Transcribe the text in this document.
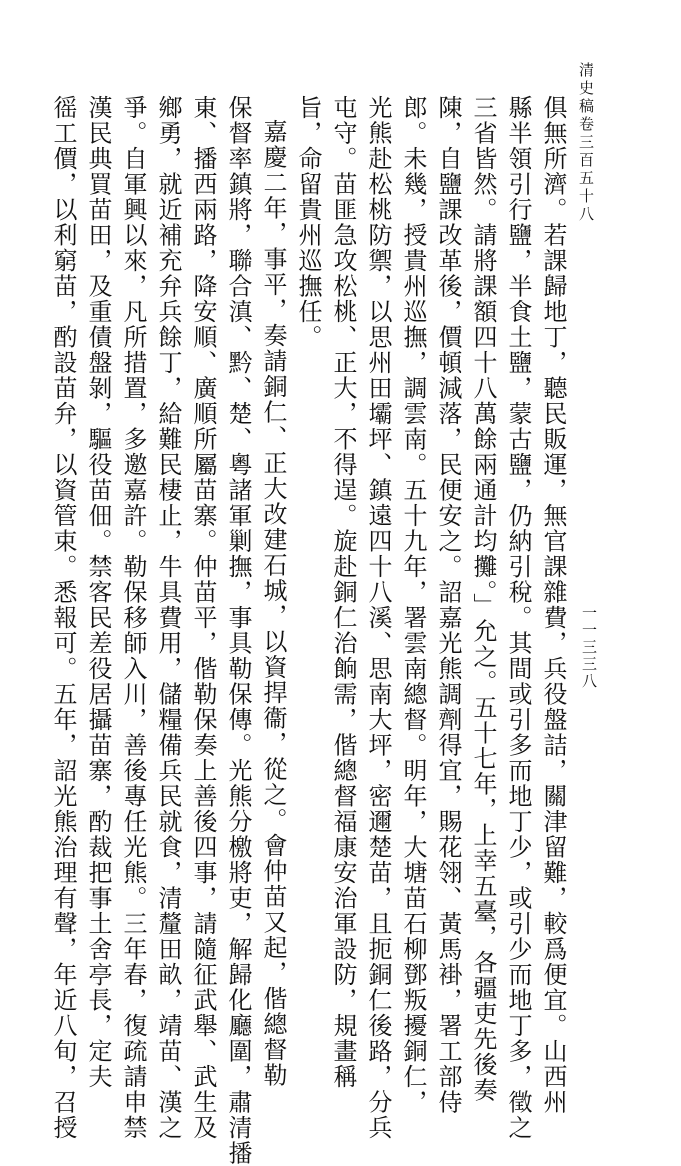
清史稿卷三百五十八
一一三三八
俱無所濟。若課歸地丁，聽民販運，無官課雜費，兵役盤詰，關津留難，較爲便宜。山西州
縣半領引行鹽，半食土鹽，蒙古鹽，仍納引稅。其間或引多而地丁少，或引少而地丁多，徵之
三省皆然。請將課額四十八萬餘兩通計均攤。」允之。五十七年，上幸五臺，各疆吏先後奏
陳，自鹽課改革後，價頓減落，民便安之。詔嘉光熊調劑得宜，賜花翎、黃馬褂，署工部侍
郎。未幾，授貴州巡撫，調雲南。五十九年，署雲南總督。明年，大塘苗石柳鄧叛擾銅仁，
光熊赴松桃防禦，以思州田壩坪、鎮遠四十八溪、思南大坪，密邇楚苗，且扼銅仁後路，分兵
屯守。苗匪急攻松桃、正大，不得逞。旋赴銅仁治餉需，偕總督福康安治軍設防，規畫稱
旨，命留貴州巡撫任。
嘉慶二年，事平，奏請銅仁、正大改建石城，以資捍衞，從之。會仲苗又起，偕總督勒
保督率鎮將，聯合滇、黔、楚、粵諸軍剿撫，事具勒保傳。光熊分檄將吏，解歸化廳圍，肅清播
東、播西兩路，降安順、廣順所屬苗寨。仲苗平，偕勒保奏上善後四事，請隨征武舉、武生及
鄉勇，就近補充弁兵餘丁，給難民棲止，牛具費用，儲糧備兵民就食，清釐田畝，靖苗、漢之
爭。自軍興以來，凡所措置，多邀嘉許。勒保移師入川，善後專任光熊。三年春，復疏請申禁
漢民典買苗田，及重債盤剝，驅役苗佃。禁客民差役居攝苗寨，酌裁把事土舍亭長，定夫
徭工價，以利窮苗，酌設苗弁，以資管束。悉報可。五年，詔光熊治理有聲，年近八旬，召授
